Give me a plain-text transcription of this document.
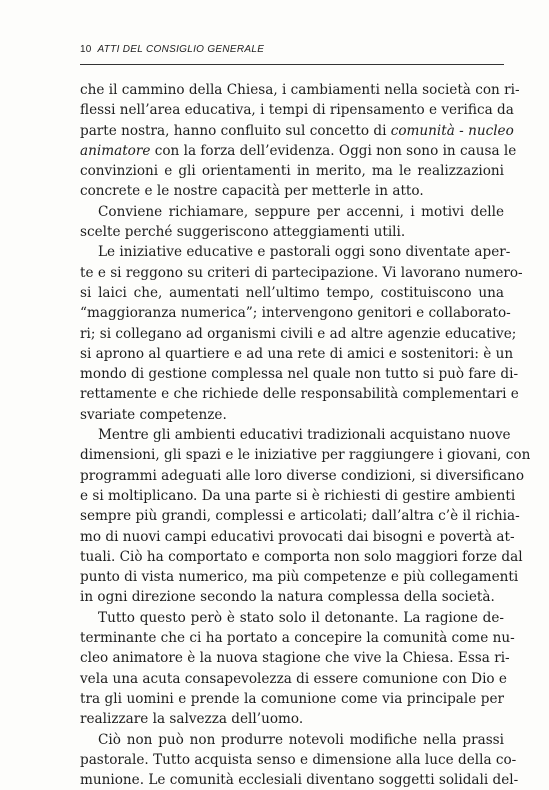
10 ATTI DEL CONSIGLIO GENERALE
che il cammino della Chiesa, i cambiamenti nella società con ri-
flessi nell’area educativa, i tempi di ripensamento e verifica da
parte nostra, hanno confluito sul concetto di comunità - nucleo
animatore con la forza dell’evidenza. Oggi non sono in causa le
convinzioni e gli orientamenti in merito, ma le realizzazioni
concrete e le nostre capacità per metterle in atto.
Conviene richiamare, seppure per accenni, i motivi delle
scelte perché suggeriscono atteggiamenti utili.
Le iniziative educative e pastorali oggi sono diventate aper-
te e si reggono su criteri di partecipazione. Vi lavorano numero-
si laici che, aumentati nell’ultimo tempo, costituiscono una
“maggioranza numerica”; intervengono genitori e collaborato-
ri; si collegano ad organismi civili e ad altre agenzie educative;
si aprono al quartiere e ad una rete di amici e sostenitori: è un
mondo di gestione complessa nel quale non tutto si può fare di-
rettamente e che richiede delle responsabilità complementari e
svariate competenze.
Mentre gli ambienti educativi tradizionali acquistano nuove
dimensioni, gli spazi e le iniziative per raggiungere i giovani, con
programmi adeguati alle loro diverse condizioni, si diversificano
e si moltiplicano. Da una parte si è richiesti di gestire ambienti
sempre più grandi, complessi e articolati; dall’altra c’è il richia-
mo di nuovi campi educativi provocati dai bisogni e povertà at-
tuali. Ciò ha comportato e comporta non solo maggiori forze dal
punto di vista numerico, ma più competenze e più collegamenti
in ogni direzione secondo la natura complessa della società.
Tutto questo però è stato solo il detonante. La ragione de-
terminante che ci ha portato a concepire la comunità come nu-
cleo animatore è la nuova stagione che vive la Chiesa. Essa ri-
vela una acuta consapevolezza di essere comunione con Dio e
tra gli uomini e prende la comunione come via principale per
realizzare la salvezza dell’uomo.
Ciò non può non produrre notevoli modifiche nella prassi
pastorale. Tutto acquista senso e dimensione alla luce della co-
munione. Le comunità ecclesiali diventano soggetti solidali del-
